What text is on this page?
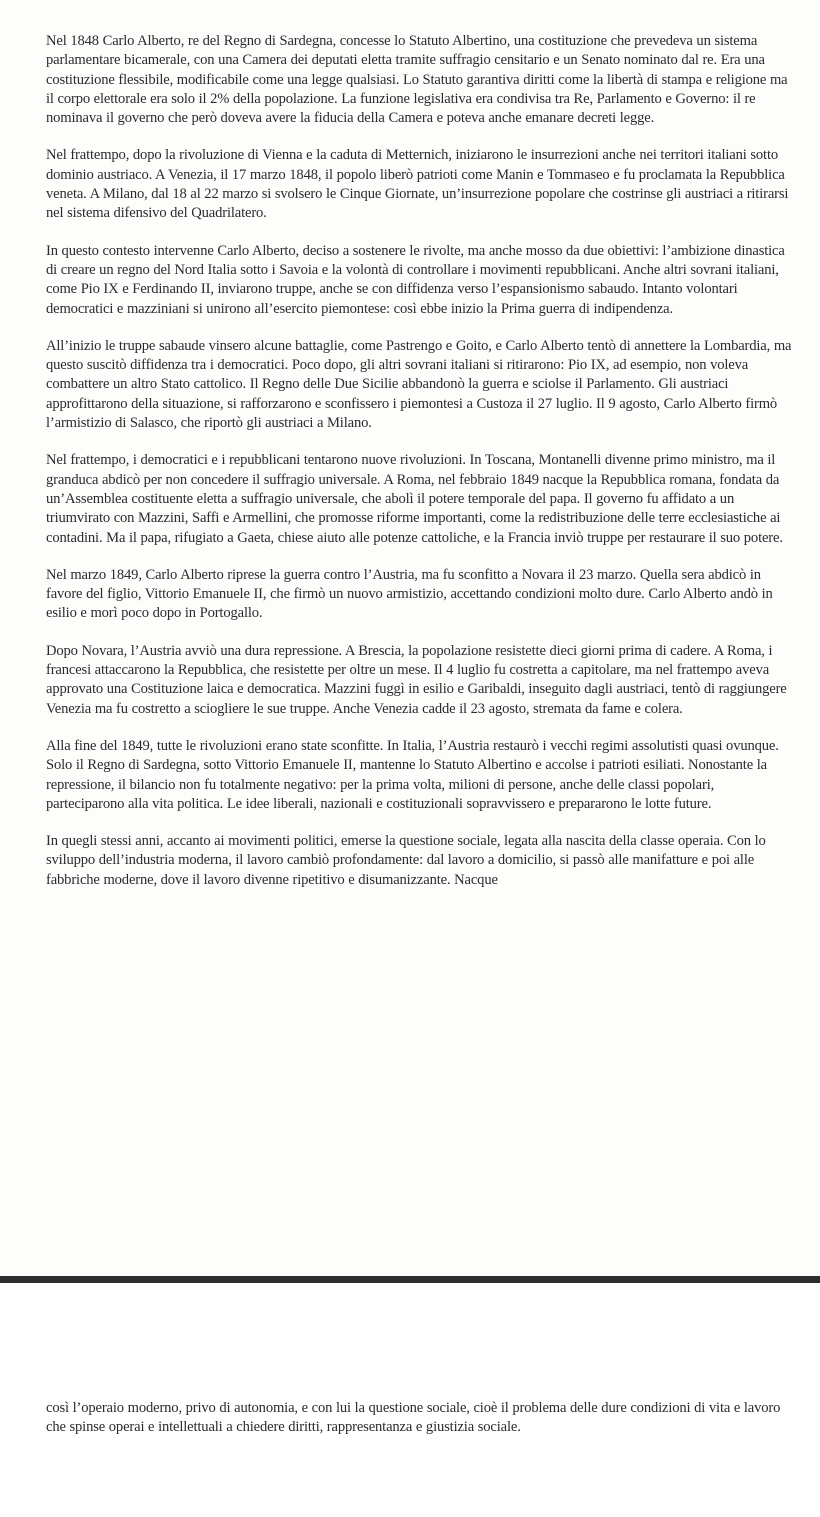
Nel 1848 Carlo Alberto, re del Regno di Sardegna, concesse lo Statuto Albertino, una costituzione che prevedeva un sistema parlamentare bicamerale, con una Camera dei deputati eletta tramite suffragio censitario e un Senato nominato dal re. Era una costituzione flessibile, modificabile come una legge qualsiasi. Lo Statuto garantiva diritti come la libertà di stampa e religione ma il corpo elettorale era solo il 2% della popolazione. La funzione legislativa era condivisa tra Re, Parlamento e Governo: il re nominava il governo che però doveva avere la fiducia della Camera e poteva anche emanare decreti legge.

Nel frattempo, dopo la rivoluzione di Vienna e la caduta di Metternich, iniziarono le insurrezioni anche nei territori italiani sotto dominio austriaco. A Venezia, il 17 marzo 1848, il popolo liberò patrioti come Manin e Tommaseo e fu proclamata la Repubblica veneta. A Milano, dal 18 al 22 marzo si svolsero le Cinque Giornate, un’insurrezione popolare che costrinse gli austriaci a ritirarsi nel sistema difensivo del Quadrilatero.

In questo contesto intervenne Carlo Alberto, deciso a sostenere le rivolte, ma anche mosso da due obiettivi: l’ambizione dinastica di creare un regno del Nord Italia sotto i Savoia e la volontà di controllare i movimenti repubblicani. Anche altri sovrani italiani, come Pio IX e Ferdinando II, inviarono truppe, anche se con diffidenza verso l’espansionismo sabaudo. Intanto volontari democratici e mazziniani si unirono all’esercito piemontese: così ebbe inizio la Prima guerra di indipendenza.

All’inizio le truppe sabaude vinsero alcune battaglie, come Pastrengo e Goito, e Carlo Alberto tentò di annettere la Lombardia, ma questo suscitò diffidenza tra i democratici. Poco dopo, gli altri sovrani italiani si ritirarono: Pio IX, ad esempio, non voleva combattere un altro Stato cattolico. Il Regno delle Due Sicilie abbandonò la guerra e sciolse il Parlamento. Gli austriaci approfittarono della situazione, si rafforzarono e sconfissero i piemontesi a Custoza il 27 luglio. Il 9 agosto, Carlo Alberto firmò l’armistizio di Salasco, che riportò gli austriaci a Milano.

Nel frattempo, i democratici e i repubblicani tentarono nuove rivoluzioni. In Toscana, Montanelli divenne primo ministro, ma il granduca abdicò per non concedere il suffragio universale. A Roma, nel febbraio 1849 nacque la Repubblica romana, fondata da un’Assemblea costituente eletta a suffragio universale, che abolì il potere temporale del papa. Il governo fu affidato a un triumvirato con Mazzini, Saffi e Armellini, che promosse riforme importanti, come la redistribuzione delle terre ecclesiastiche ai contadini. Ma il papa, rifugiato a Gaeta, chiese aiuto alle potenze cattoliche, e la Francia inviò truppe per restaurare il suo potere.

Nel marzo 1849, Carlo Alberto riprese la guerra contro l’Austria, ma fu sconfitto a Novara il 23 marzo. Quella sera abdicò in favore del figlio, Vittorio Emanuele II, che firmò un nuovo armistizio, accettando condizioni molto dure. Carlo Alberto andò in esilio e morì poco dopo in Portogallo.

Dopo Novara, l’Austria avviò una dura repressione. A Brescia, la popolazione resistette dieci giorni prima di cadere. A Roma, i francesi attaccarono la Repubblica, che resistette per oltre un mese. Il 4 luglio fu costretta a capitolare, ma nel frattempo aveva approvato una Costituzione laica e democratica. Mazzini fuggì in esilio e Garibaldi, inseguito dagli austriaci, tentò di raggiungere Venezia ma fu costretto a sciogliere le sue truppe. Anche Venezia cadde il 23 agosto, stremata da fame e colera.

Alla fine del 1849, tutte le rivoluzioni erano state sconfitte. In Italia, l’Austria restaurò i vecchi regimi assolutisti quasi ovunque. Solo il Regno di Sardegna, sotto Vittorio Emanuele II, mantenne lo Statuto Albertino e accolse i patrioti esiliati. Nonostante la repressione, il bilancio non fu totalmente negativo: per la prima volta, milioni di persone, anche delle classi popolari, parteciparono alla vita politica. Le idee liberali, nazionali e costituzionali sopravvissero e prepararono le lotte future.

In quegli stessi anni, accanto ai movimenti politici, emerse la questione sociale, legata alla nascita della classe operaia. Con lo sviluppo dell’industria moderna, il lavoro cambiò profondamente: dal lavoro a domicilio, si passò alle manifatture e poi alle fabbriche moderne, dove il lavoro divenne ripetitivo e disumanizzante. Nacque

così l’operaio moderno, privo di autonomia, e con lui la questione sociale, cioè il problema delle dure condizioni di vita e lavoro che spinse operai e intellettuali a chiedere diritti, rappresentanza e giustizia sociale.
